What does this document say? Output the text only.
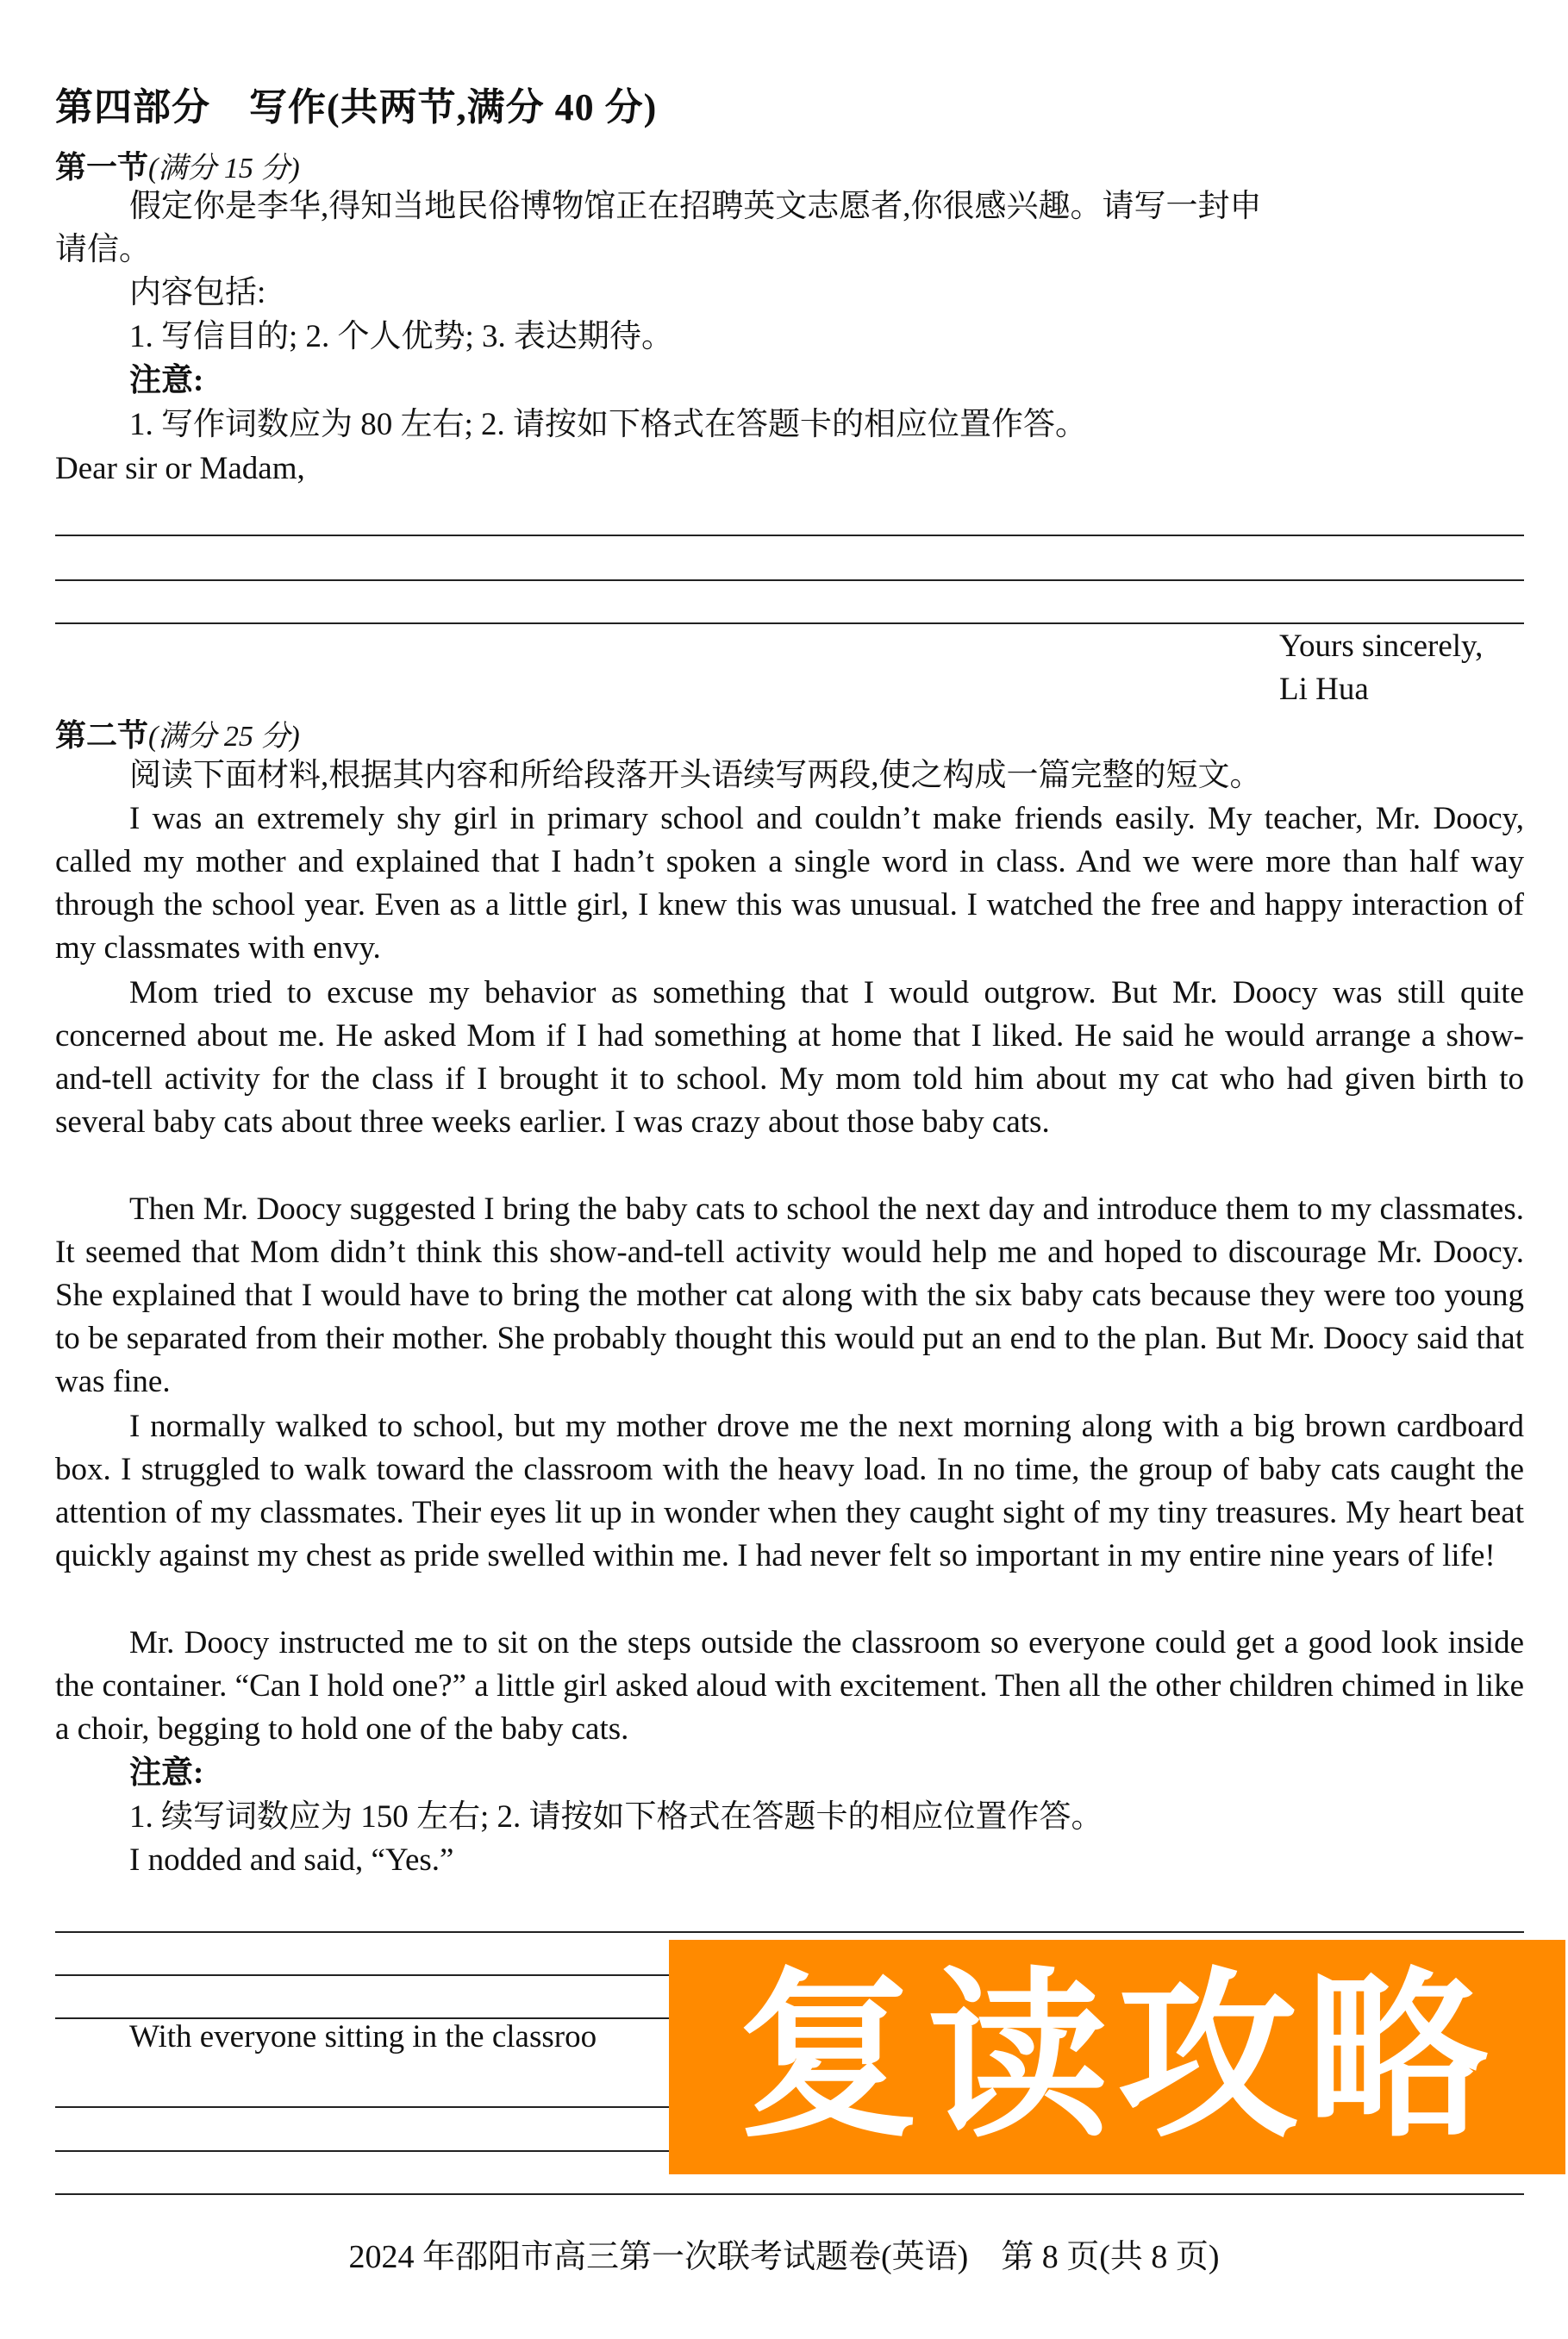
第四部分　写作(共两节,满分 40 分)
第一节(满分 15 分)
假定你是李华,得知当地民俗博物馆正在招聘英文志愿者,你很感兴趣。请写一封申
请信。
内容包括:
1. 写信目的; 2. 个人优势; 3. 表达期待。
注意:
1. 写作词数应为 80 左右; 2. 请按如下格式在答题卡的相应位置作答。
Dear sir or Madam,
Yours sincerely,
Li Hua
第二节(满分 25 分)
阅读下面材料,根据其内容和所给段落开头语续写两段,使之构成一篇完整的短文。
I was an extremely shy girl in primary school and couldn’t make friends easily. My teacher, Mr. Doocy, called my mother and explained that I hadn’t spoken a single word in class. And we were more than half way through the school year. Even as a little girl, I knew this was unusual. I watched the free and happy interaction of my classmates with envy.
Mom tried to excuse my behavior as something that I would outgrow. But Mr. Doocy was still quite concerned about me. He asked Mom if I had something at home that I liked. He said he would arrange a show-and-tell activity for the class if I brought it to school. My mom told him about my cat who had given birth to several baby cats about three weeks earlier. I was crazy about those baby cats.
Then Mr. Doocy suggested I bring the baby cats to school the next day and introduce them to my classmates. It seemed that Mom didn’t think this show-and-tell activity would help me and hoped to discourage Mr. Doocy. She explained that I would have to bring the mother cat along with the six baby cats because they were too young to be separated from their mother. She probably thought this would put an end to the plan. But Mr. Doocy said that was fine.
I normally walked to school, but my mother drove me the next morning along with a big brown cardboard box. I struggled to walk toward the classroom with the heavy load. In no time, the group of baby cats caught the attention of my classmates. Their eyes lit up in wonder when they caught sight of my tiny treasures. My heart beat quickly against my chest as pride swelled within me. I had never felt so important in my entire nine years of life!
Mr. Doocy instructed me to sit on the steps outside the classroom so everyone could get a good look inside the container. “Can I hold one?” a little girl asked aloud with excitement. Then all the other children chimed in like a choir, begging to hold one of the baby cats.
注意:
1. 续写词数应为 150 左右; 2. 请按如下格式在答题卡的相应位置作答。
I nodded and said, “Yes.”
With everyone sitting in the classroo 复读攻略
2024 年邵阳市高三第一次联考试题卷(英语)　第 8 页(共 8 页)
